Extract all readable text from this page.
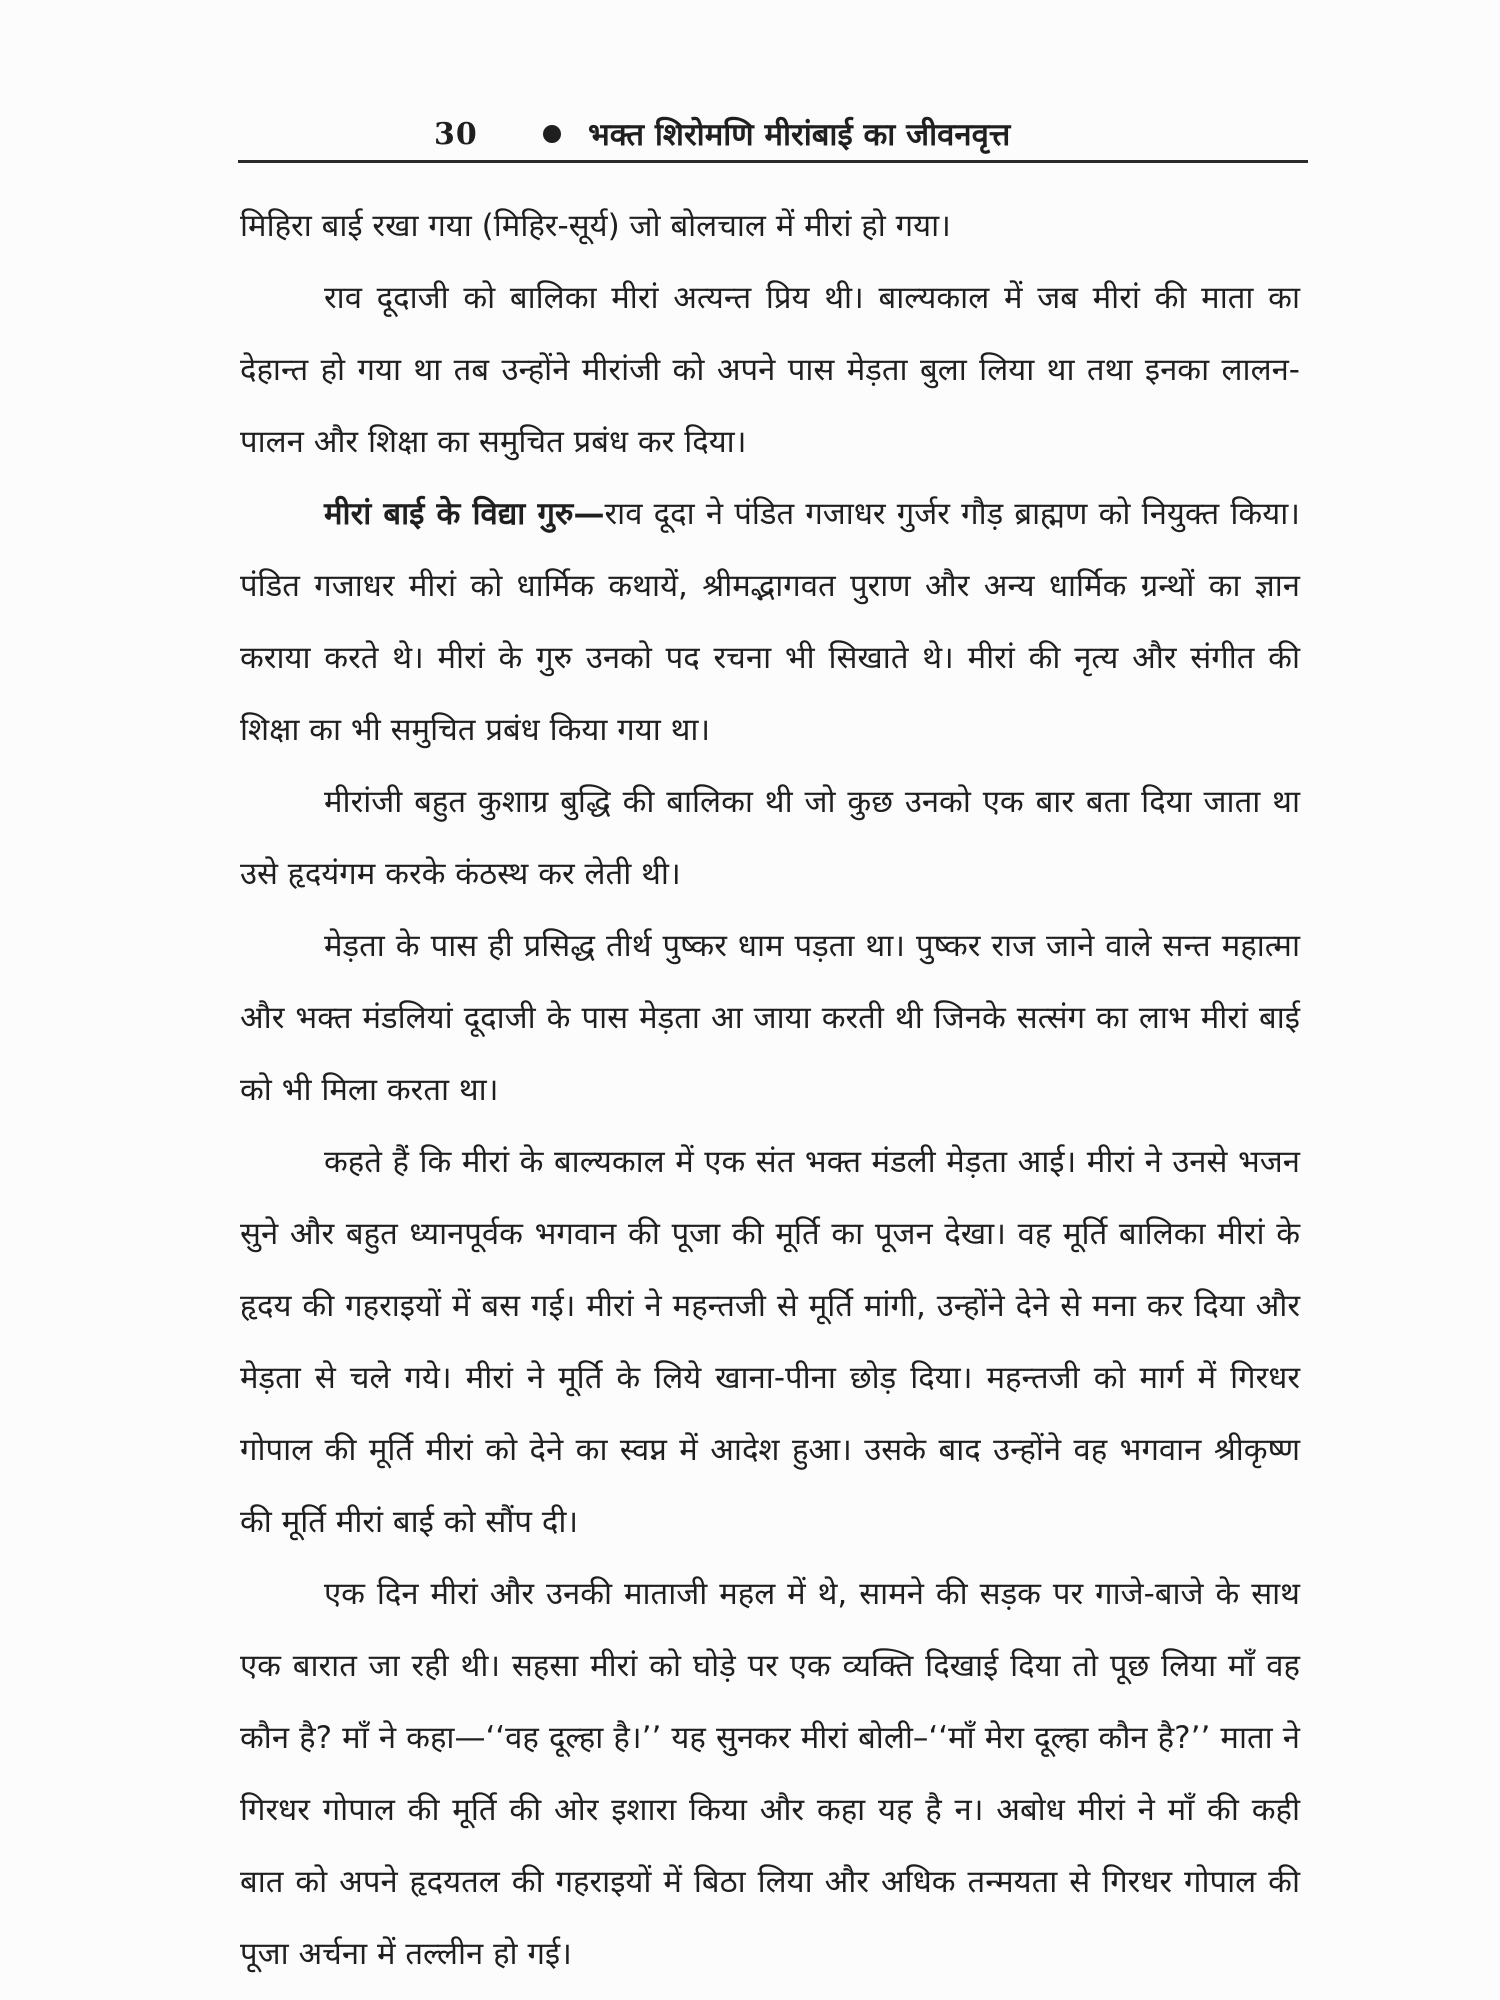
30	भक्त शिरोमणि मीरांबाई का जीवनवृत्त

मिहिरा बाई रखा गया (मिहिर-सूर्य) जो बोलचाल में मीरां हो गया।

राव दूदाजी को बालिका मीरां अत्यन्त प्रिय थी। बाल्यकाल में जब मीरां की माता का देहान्त हो गया था तब उन्होंने मीरांजी को अपने पास मेड़ता बुला लिया था तथा इनका लालन-पालन और शिक्षा का समुचित प्रबंध कर दिया।

मीरां बाई के विद्या गुरु—राव दूदा ने पंडित गजाधर गुर्जर गौड़ ब्राह्मण को नियुक्त किया। पंडित गजाधर मीरां को धार्मिक कथायें, श्रीमद्भागवत पुराण और अन्य धार्मिक ग्रन्थों का ज्ञान कराया करते थे। मीरां के गुरु उनको पद रचना भी सिखाते थे। मीरां की नृत्य और संगीत की शिक्षा का भी समुचित प्रबंध किया गया था।

मीरांजी बहुत कुशाग्र बुद्धि की बालिका थी जो कुछ उनको एक बार बता दिया जाता था उसे हृदयंगम करके कंठस्थ कर लेती थी।

मेड़ता के पास ही प्रसिद्ध तीर्थ पुष्कर धाम पड़ता था। पुष्कर राज जाने वाले सन्त महात्मा और भक्त मंडलियां दूदाजी के पास मेड़ता आ जाया करती थी जिनके सत्संग का लाभ मीरां बाई को भी मिला करता था।

कहते हैं कि मीरां के बाल्यकाल में एक संत भक्त मंडली मेड़ता आई। मीरां ने उनसे भजन सुने और बहुत ध्यानपूर्वक भगवान की पूजा की मूर्ति का पूजन देखा। वह मूर्ति बालिका मीरां के हृदय की गहराइयों में बस गई। मीरां ने महन्तजी से मूर्ति मांगी, उन्होंने देने से मना कर दिया और मेड़ता से चले गये। मीरां ने मूर्ति के लिये खाना-पीना छोड़ दिया। महन्तजी को मार्ग में गिरधर गोपाल की मूर्ति मीरां को देने का स्वप्न में आदेश हुआ। उसके बाद उन्होंने वह भगवान श्रीकृष्ण की मूर्ति मीरां बाई को सौंप दी।

एक दिन मीरां और उनकी माताजी महल में थे, सामने की सड़क पर गाजे-बाजे के साथ एक बारात जा रही थी। सहसा मीरां को घोड़े पर एक व्यक्ति दिखाई दिया तो पूछ लिया माँ वह कौन है? माँ ने कहा—‘‘वह दूल्हा है।’’ यह सुनकर मीरां बोली–‘‘माँ मेरा दूल्हा कौन है?’’ माता ने गिरधर गोपाल की मूर्ति की ओर इशारा किया और कहा यह है न। अबोध मीरां ने माँ की कही बात को अपने हृदयतल की गहराइयों में बिठा लिया और अधिक तन्मयता से गिरधर गोपाल की पूजा अर्चना में तल्लीन हो गई।
